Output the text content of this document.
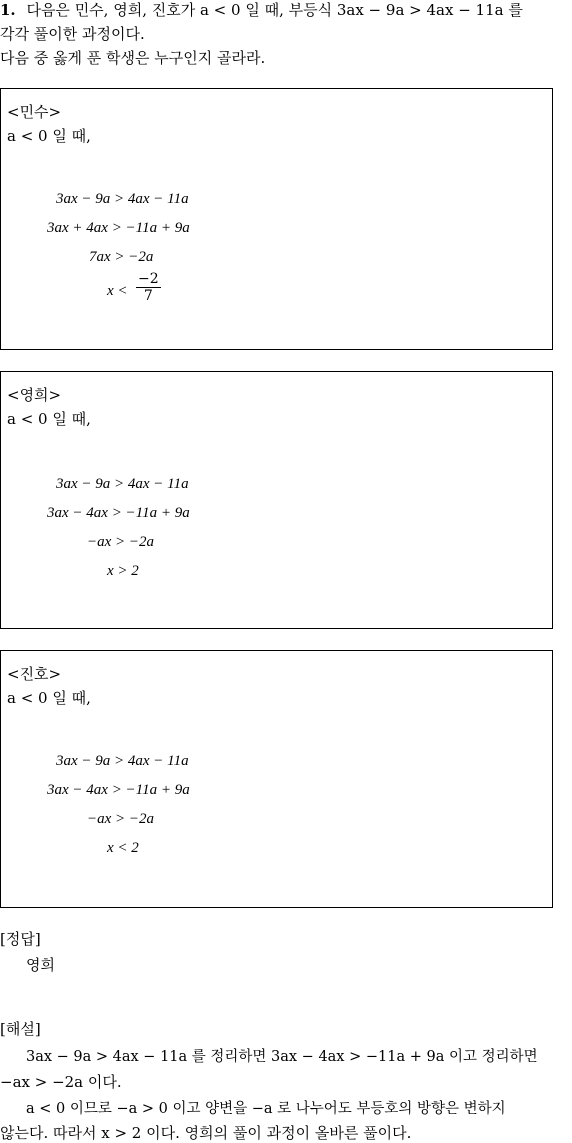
1. 다음은 민수, 영희, 진호가 a < 0 일 때, 부등식 3ax − 9a > 4ax − 11a 를
각각 풀이한 과정이다.
다음 중 옳게 푼 학생은 누구인지 골라라.
<민수>
a < 0 일 때,
3ax − 9a > 4ax − 11a
3ax + 4ax > −11a + 9a
7ax > −2a
$x < \frac{-2}{7}$
<영희>
a < 0 일 때,
3ax − 9a > 4ax − 11a
3ax − 4ax > −11a + 9a
−ax > −2a
x > 2
<진호>
a < 0 일 때,
3ax − 9a > 4ax − 11a
3ax − 4ax > −11a + 9a
−ax > −2a
x < 2
[정답]
영희
[해설]
3ax − 9a > 4ax − 11a 를 정리하면 3ax − 4ax > −11a + 9a 이고 정리하면
−ax > −2a 이다.
a < 0 이므로 −a > 0 이고 양변을 −a 로 나누어도 부등호의 방향은 변하지
않는다. 따라서 x > 2 이다. 영희의 풀이 과정이 올바른 풀이다.
